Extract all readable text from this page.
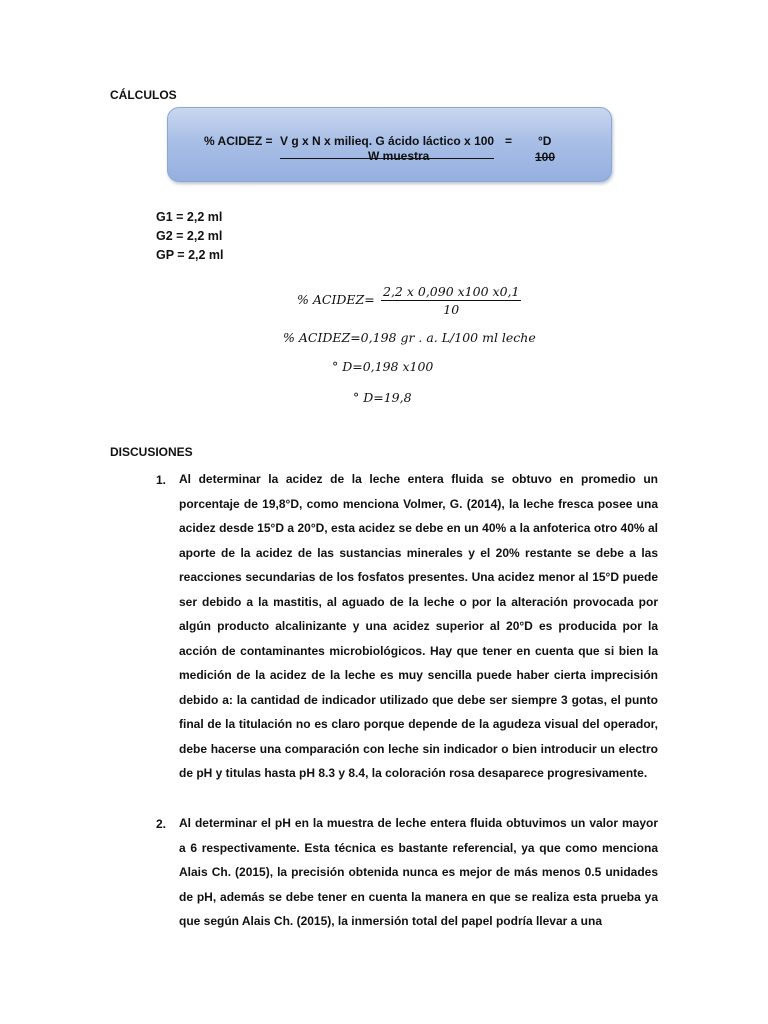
CÁLCULOS
% ACIDEZ = V g x N x milieq. G ácido láctico x 100 = °D
W muestra	100
G1 = 2,2 ml
G2 = 2,2 ml
GP = 2,2 ml
% ACIDEZ= $\frac{2,2 x 0,090 x100 x0,1}{10}$
% ACIDEZ=0,198 gr . a. L/100 ml leche
° D=0,198 x100
° D=19,8
DISCUSIONES
1. Al determinar la acidez de la leche entera fluida se obtuvo en promedio un porcentaje de 19,8°D, como menciona Volmer, G. (2014), la leche fresca posee una acidez desde 15°D a 20°D, esta acidez se debe en un 40% a la anfoterica otro 40% al aporte de la acidez de las sustancias minerales y el 20% restante se debe a las reacciones secundarias de los fosfatos presentes. Una acidez menor al 15°D puede ser debido a la mastitis, al aguado de la leche o por la alteración provocada por algún producto alcalinizante y una acidez superior al 20°D es producida por la acción de contaminantes microbiológicos. Hay que tener en cuenta que si bien la medición de la acidez de la leche es muy sencilla puede haber cierta imprecisión debido a: la cantidad de indicador utilizado que debe ser siempre 3 gotas, el punto final de la titulación no es claro porque depende de la agudeza visual del operador, debe hacerse una comparación con leche sin indicador o bien introducir un electro de pH y titulas hasta pH 8.3 y 8.4, la coloración rosa desaparece progresivamente.
2. Al determinar el pH en la muestra de leche entera fluida obtuvimos un valor mayor a 6 respectivamente. Esta técnica es bastante referencial, ya que como menciona Alais Ch. (2015), la precisión obtenida nunca es mejor de más menos 0.5 unidades de pH, además se debe tener en cuenta la manera en que se realiza esta prueba ya que según Alais Ch. (2015), la inmersión total del papel podría llevar a una
